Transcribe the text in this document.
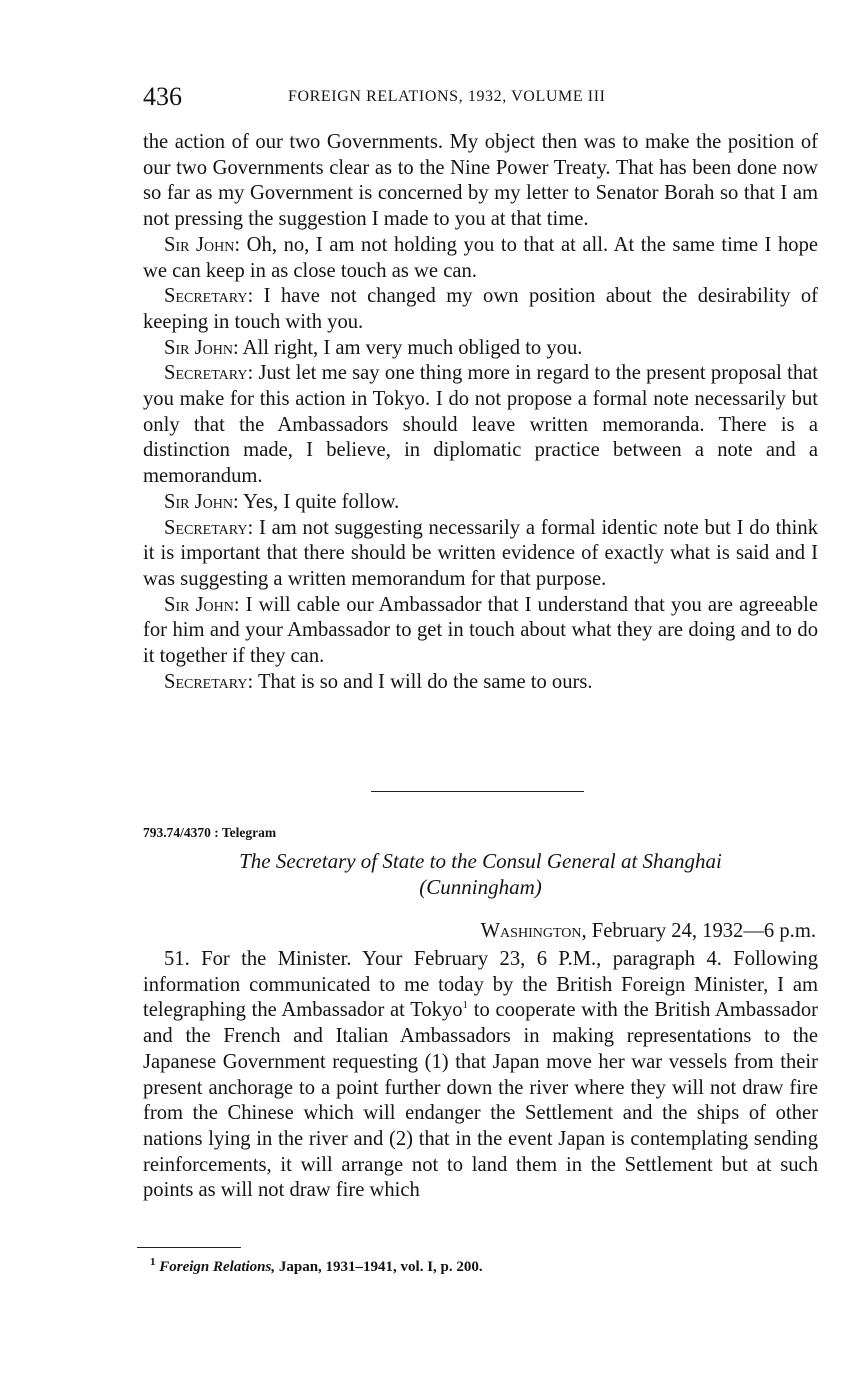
436	FOREIGN RELATIONS, 1932, VOLUME III

the action of our two Governments. My object then was to make the position of our two Governments clear as to the Nine Power Treaty. That has been done now so far as my Government is concerned by my letter to Senator Borah so that I am not pressing the suggestion I made to you at that time.

Sir John: Oh, no, I am not holding you to that at all. At the same time I hope we can keep in as close touch as we can.

Secretary: I have not changed my own position about the desirability of keeping in touch with you.

Sir John: All right, I am very much obliged to you.

Secretary: Just let me say one thing more in regard to the present proposal that you make for this action in Tokyo. I do not propose a formal note necessarily but only that the Ambassadors should leave written memoranda. There is a distinction made, I believe, in diplomatic practice between a note and a memorandum.

Sir John: Yes, I quite follow.

Secretary: I am not suggesting necessarily a formal identic note but I do think it is important that there should be written evidence of exactly what is said and I was suggesting a written memorandum for that purpose.

Sir John: I will cable our Ambassador that I understand that you are agreeable for him and your Ambassador to get in touch about what they are doing and to do it together if they can.

Secretary: That is so and I will do the same to ours.

793.74/4370 : Telegram
The Secretary of State to the Consul General at Shanghai
(Cunningham)
Washington, February 24, 1932—6 p.m.

51. For the Minister. Your February 23, 6 P.M., paragraph 4. Following information communicated to me today by the British Foreign Minister, I am telegraphing the Ambassador at Tokyo$^1$ to cooperate with the British Ambassador and the French and Italian Ambassadors in making representations to the Japanese Government requesting (1) that Japan move her war vessels from their present anchorage to a point further down the river where they will not draw fire from the Chinese which will endanger the Settlement and the ships of other nations lying in the river and (2) that in the event Japan is contemplating sending reinforcements, it will arrange not to land them in the Settlement but at such points as will not draw fire which

$^1$ Foreign Relations, Japan, 1931–1941, vol. I, p. 200.
